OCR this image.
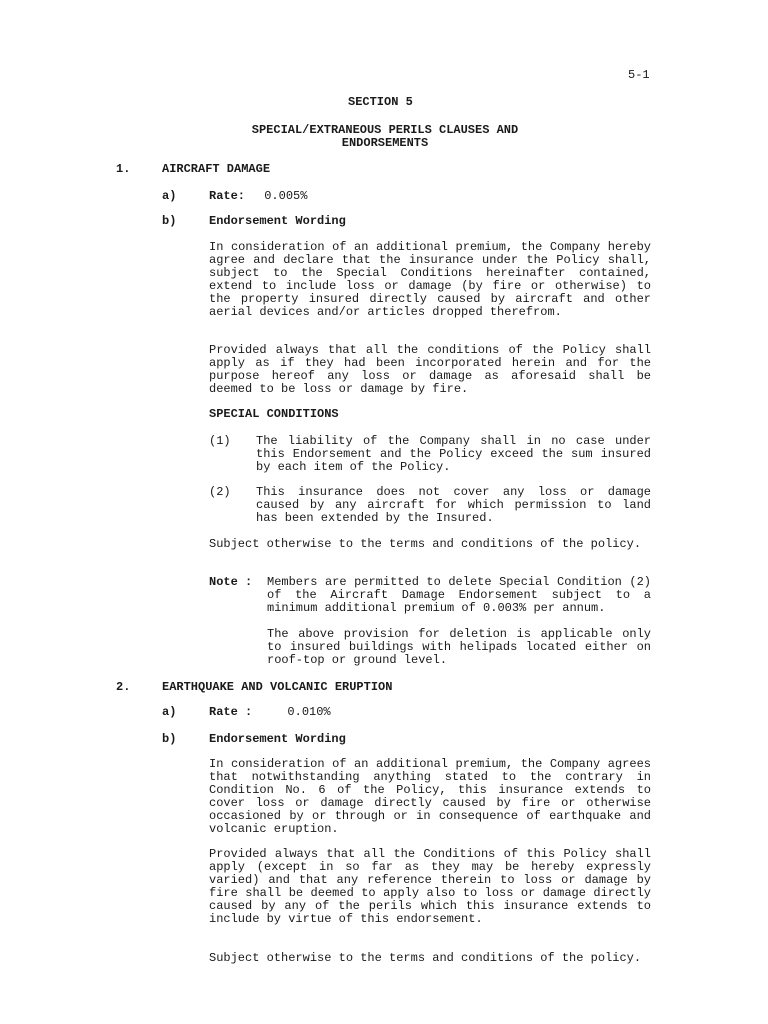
5-1
SECTION 5
SPECIAL/EXTRANEOUS PERILS CLAUSES AND
ENDORSEMENTS
1.	AIRCRAFT DAMAGE
a)	Rate: 0.005%
b)	Endorsement Wording

In consideration of an additional premium, the Company hereby agree and declare that the insurance under the Policy shall, subject to the Special Conditions hereinafter contained, extend to include loss or damage (by fire or otherwise) to the property insured directly caused by aircraft and other aerial devices and/or articles dropped therefrom.

Provided always that all the conditions of the Policy shall apply as if they had been incorporated herein and for the purpose hereof any loss or damage as aforesaid shall be deemed to be loss or damage by fire.

SPECIAL CONDITIONS
(1) The liability of the Company shall in no case under this Endorsement and the Policy exceed the sum insured by each item of the Policy.

(2) This insurance does not cover any loss or damage caused by any aircraft for which permission to land has been extended by the Insured.

Subject otherwise to the terms and conditions of the policy.

Note : Members are permitted to delete Special Condition (2) of the Aircraft Damage Endorsement subject to a minimum additional premium of 0.003% per annum.

The above provision for deletion is applicable only to insured buildings with helipads located either on roof-top or ground level.

2.	EARTHQUAKE AND VOLCANIC ERUPTION
a)	Rate :	0.010%
b)	Endorsement Wording

In consideration of an additional premium, the Company agrees that notwithstanding anything stated to the contrary in Condition No. 6 of the Policy, this insurance extends to cover loss or damage directly caused by fire or otherwise occasioned by or through or in consequence of earthquake and volcanic eruption.

Provided always that all the Conditions of this Policy shall apply (except in so far as they may be hereby expressly varied) and that any reference therein to loss or damage by fire shall be deemed to apply also to loss or damage directly caused by any of the perils which this insurance extends to include by virtue of this endorsement.

Subject otherwise to the terms and conditions of the policy.
